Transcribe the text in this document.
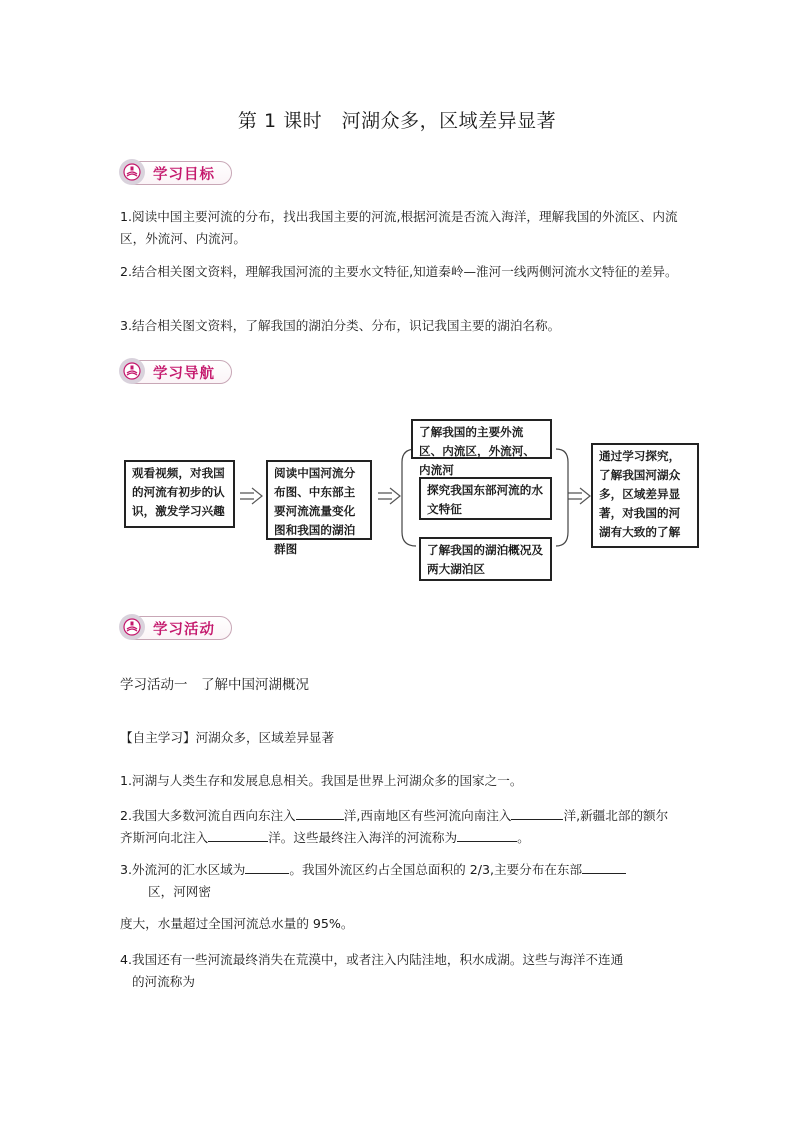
第 1 课时　河湖众多，区域差异显著
学习目标
1.阅读中国主要河流的分布，找出我国主要的河流,根据河流是否流入海洋，理解我国的外流区、内流区，外流河、内流河。
2.结合相关图文资料，理解我国河流的主要水文特征,知道秦岭—淮河一线两侧河流水文特征的差异。
3.结合相关图文资料，了解我国的湖泊分类、分布，识记我国主要的湖泊名称。
学习导航
观看视频，对我国的河流有初步的认识，激发学习兴趣
阅读中国河流分布图、中东部主要河流流量变化图和我国的湖泊群图
了解我国的主要外流区、内流区，外流河、内流河
探究我国东部河流的水文特征
了解我国的湖泊概况及两大湖泊区
通过学习探究，了解我国河湖众多，区域差异显著，对我国的河湖有大致的了解
学习活动
学习活动一　了解中国河湖概况
【自主学习】河湖众多，区域差异显著
1.河湖与人类生存和发展息息相关。我国是世界上河湖众多的国家之一。
2.我国大多数河流自西向东注入	洋,西南地区有些河流向南注入	洋,新疆北部的额尔齐斯河向北注入	洋。这些最终注入海洋的河流称为	。
3.外流河的汇水区域为	。我国外流区约占全国总面积的 2/3,主要分布在东部
区，河网密
度大，水量超过全国河流总水量的 95%。
4.我国还有一些河流最终消失在荒漠中，或者注入内陆洼地，积水成湖。这些与海洋不连通
的河流称为
